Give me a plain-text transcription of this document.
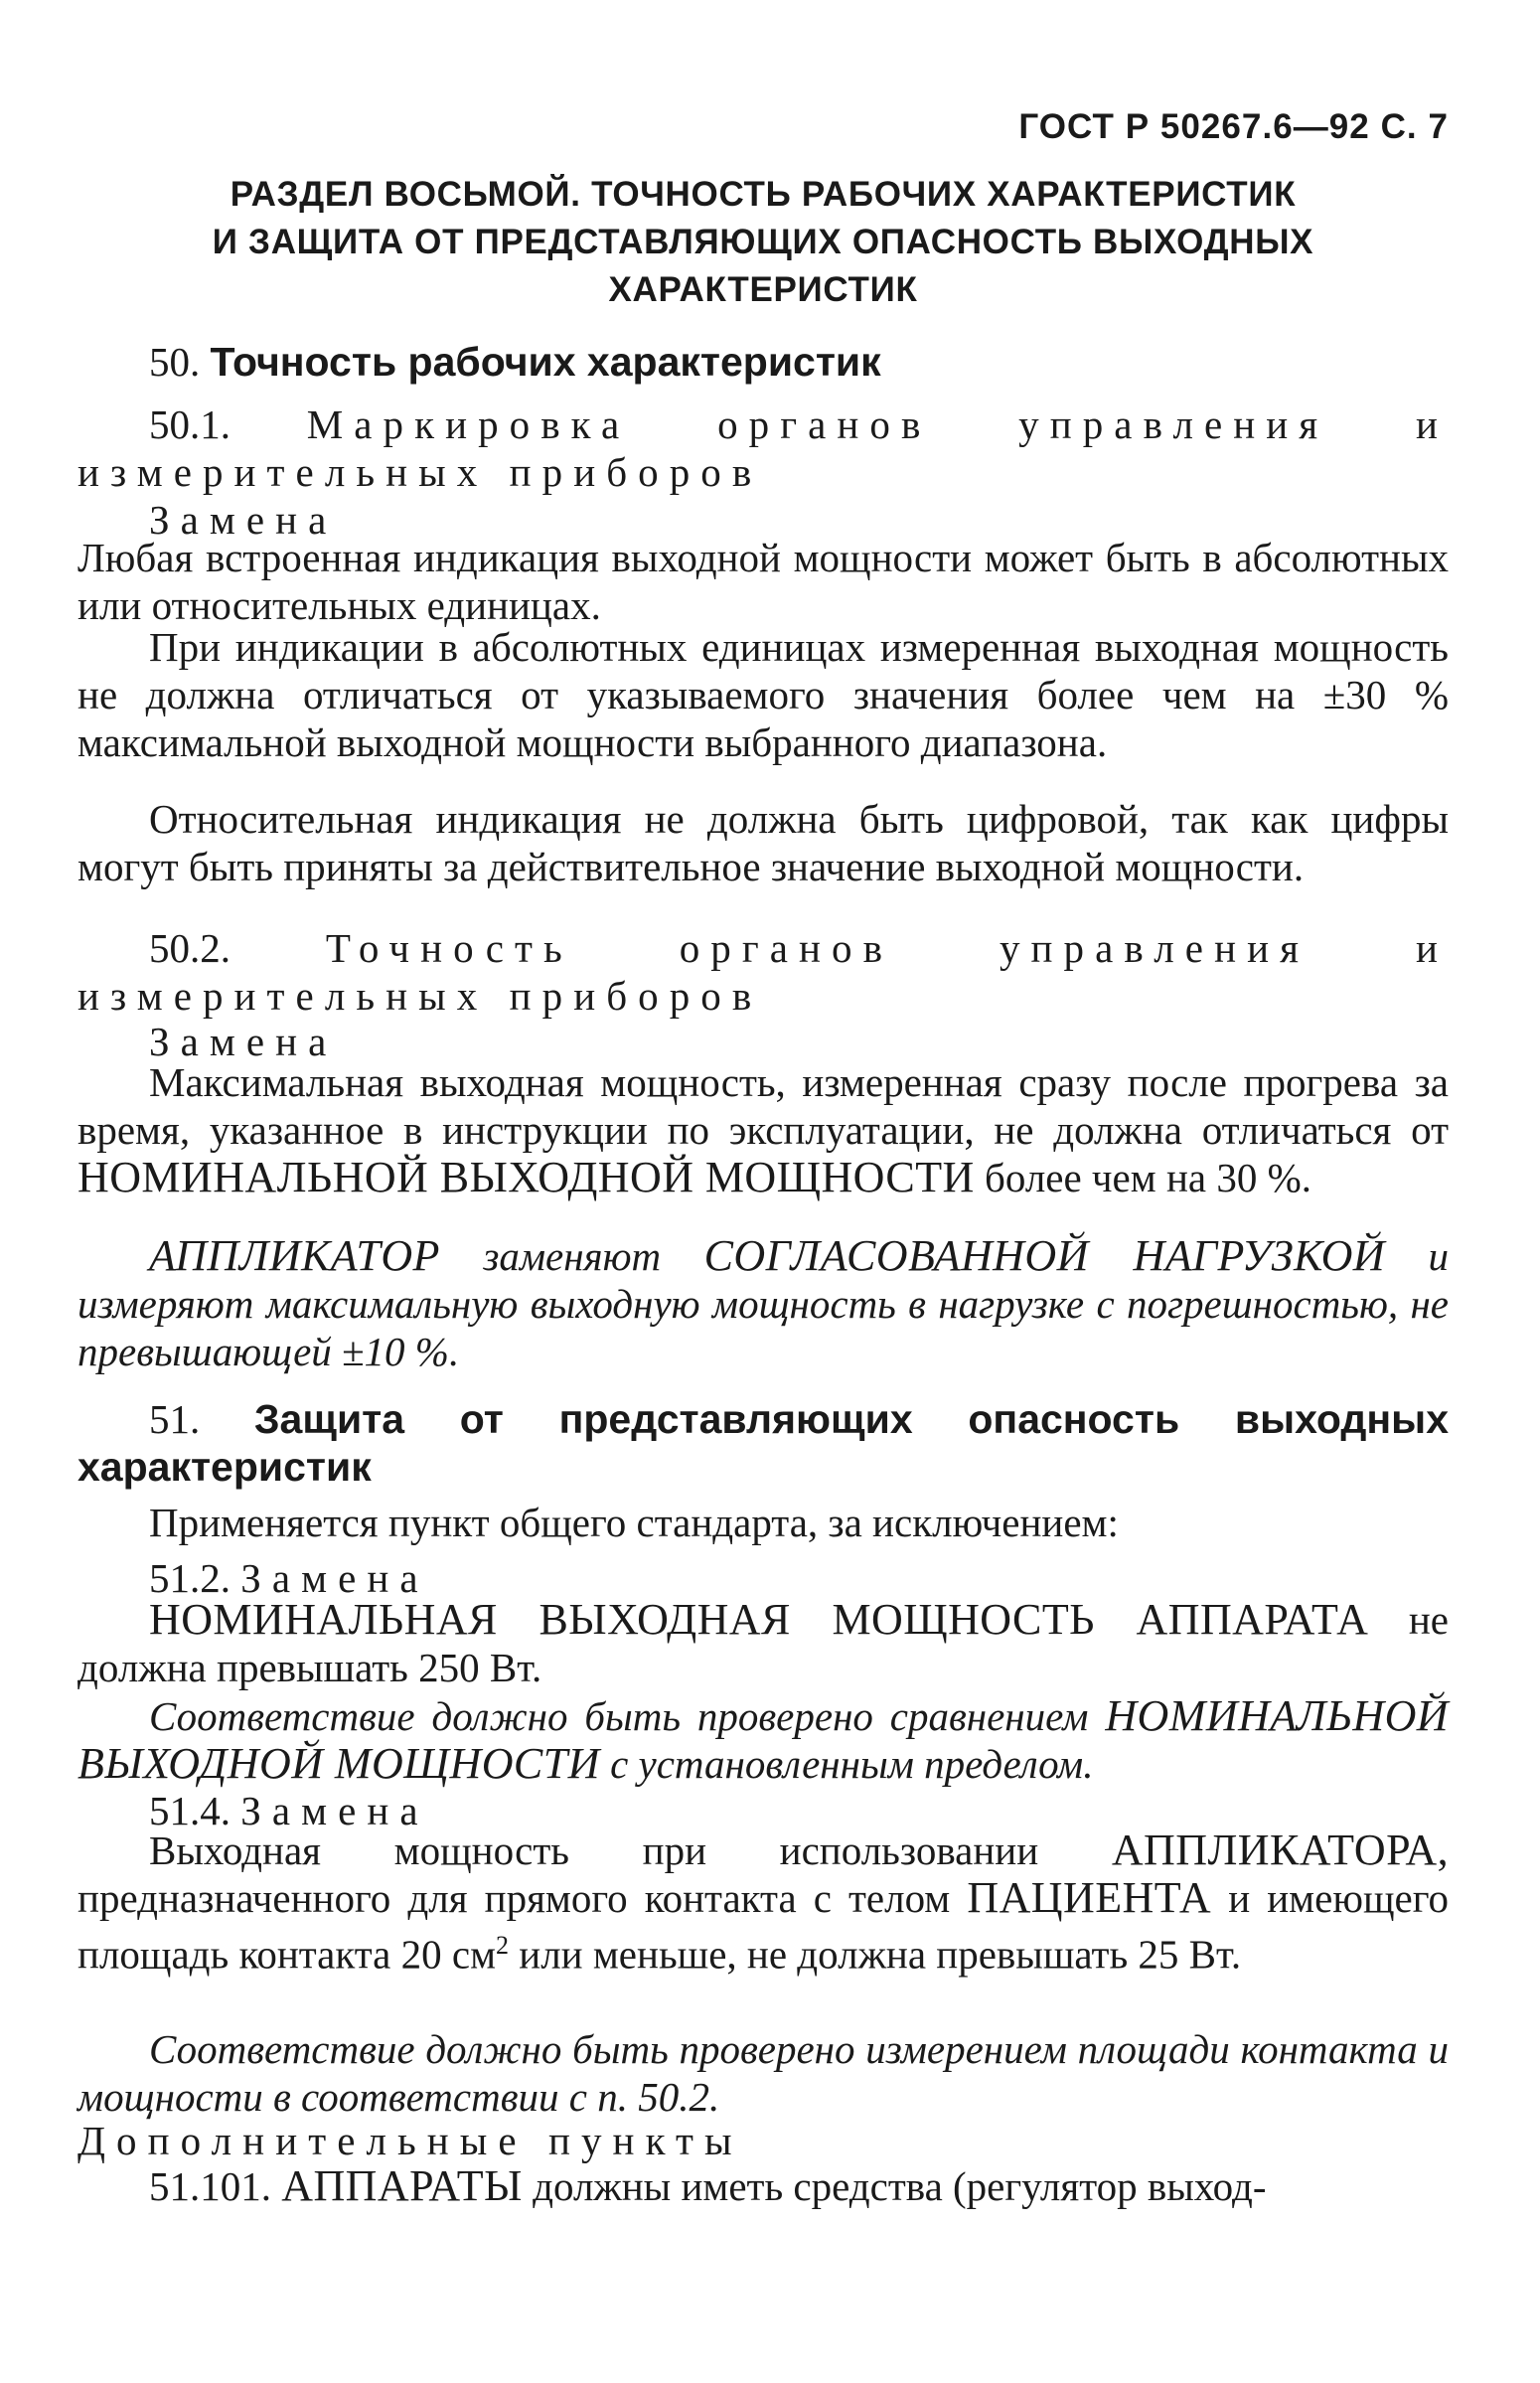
ГОСТ Р 50267.6—92 С. 7
РАЗДЕЛ ВОСЬМОЙ. ТОЧНОСТЬ РАБОЧИХ ХАРАКТЕРИСТИК
И ЗАЩИТА ОТ ПРЕДСТАВЛЯЮЩИХ ОПАСНОСТЬ ВЫХОДНЫХ
ХАРАКТЕРИСТИК
50. Точность рабочих характеристик
50.1. Маркировка органов управления и измерительных приборов
Замена
Любая встроенная индикация выходной мощности может быть в абсолютных или относительных единицах.
При индикации в абсолютных единицах измеренная выходная мощность не должна отличаться от указываемого значения более чем на ±30 % максимальной выходной мощности выбранного диапазона.
Относительная индикация не должна быть цифровой, так как цифры могут быть приняты за действительное значение выходной мощности.
50.2. Точность органов управления и измерительных приборов
Замена
Максимальная выходная мощность, измеренная сразу после прогрева за время, указанное в инструкции по эксплуатации, не должна отличаться от НОМИНАЛЬНОЙ ВЫХОДНОЙ МОЩНОСТИ более чем на 30 %.
АППЛИКАТОР заменяют СОГЛАСОВАННОЙ НАГРУЗКОЙ и измеряют максимальную выходную мощность в нагрузке с погрешностью, не превышающей ±10 %.
51. Защита от представляющих опасность выходных характеристик
Применяется пункт общего стандарта, за исключением:
51.2. Замена
НОМИНАЛЬНАЯ ВЫХОДНАЯ МОЩНОСТЬ АППАРАТА не должна превышать 250 Вт.
Соответствие должно быть проверено сравнением НОМИНАЛЬНОЙ ВЫХОДНОЙ МОЩНОСТИ с установленным пределом.
51.4. Замена
Выходная мощность при использовании АППЛИКАТОРА, предназначенного для прямого контакта с телом ПАЦИЕНТА и имеющего площадь контакта 20 $см^2$ или меньше, не должна превышать 25 Вт.
Соответствие должно быть проверено измерением площади контакта и мощности в соответствии с п. 50.2.
Дополнительные пункты
51.101. АППАРАТЫ должны иметь средства (регулятор выход-
